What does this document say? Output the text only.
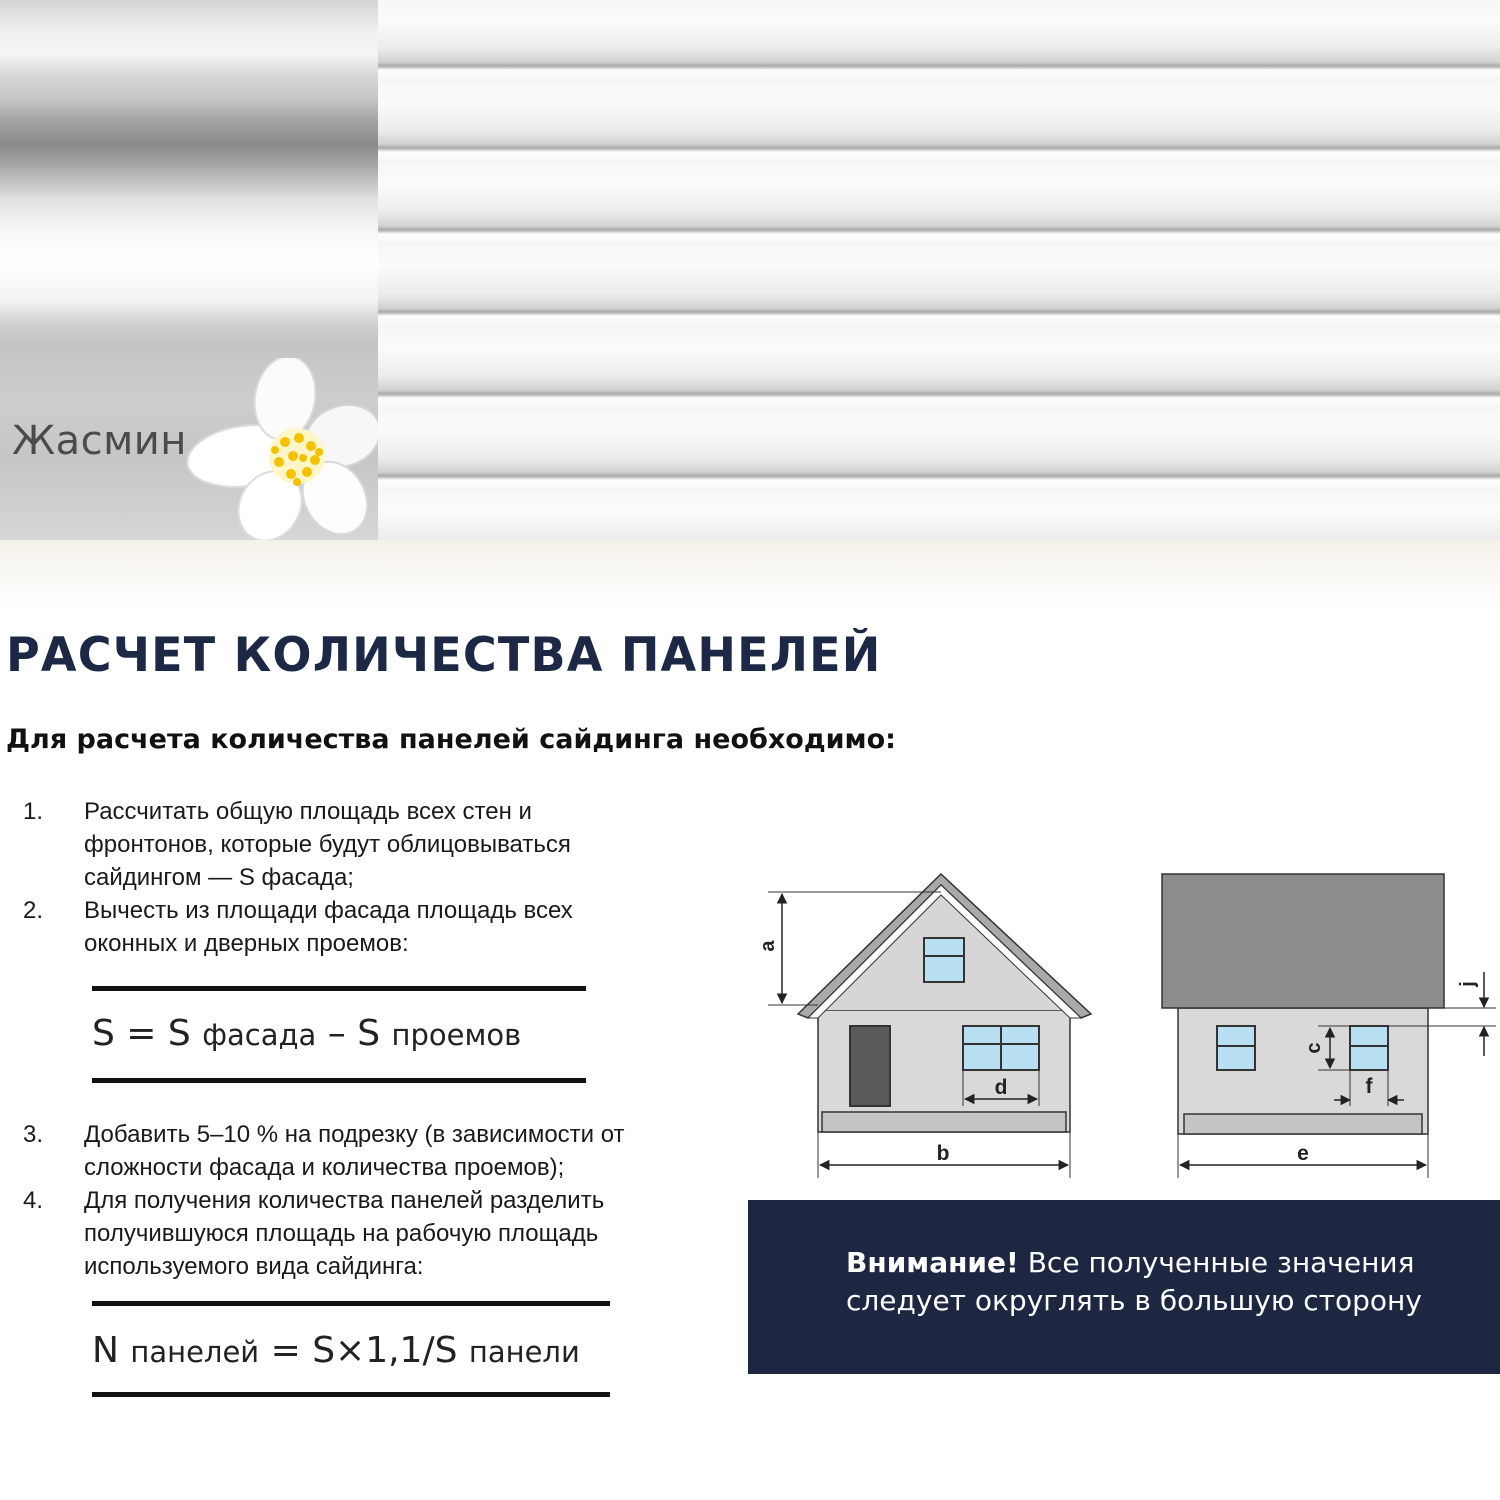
Жасмин
РАСЧЕТ КОЛИЧЕСТВА ПАНЕЛЕЙ
Для расчета количества панелей сайдинга необходимо:
1. Рассчитать общую площадь всех стен и
фронтонов, которые будут облицовываться
сайдингом — S фасада;
2. Вычесть из площади фасада площадь всех
оконных и дверных проемов:
S = S фасада – S проемов
3. Добавить 5–10 % на подрезку (в зависимости от
сложности фасада и количества проемов);
4. Для получения количества панелей разделить
получившуюся площадь на рабочую площадь
используемого вида сайдинга:
N панелей = S×1,1/S панели
a
b
d
c
f
j
e
Внимание! Все полученные значения следует округлять в большую сторону
